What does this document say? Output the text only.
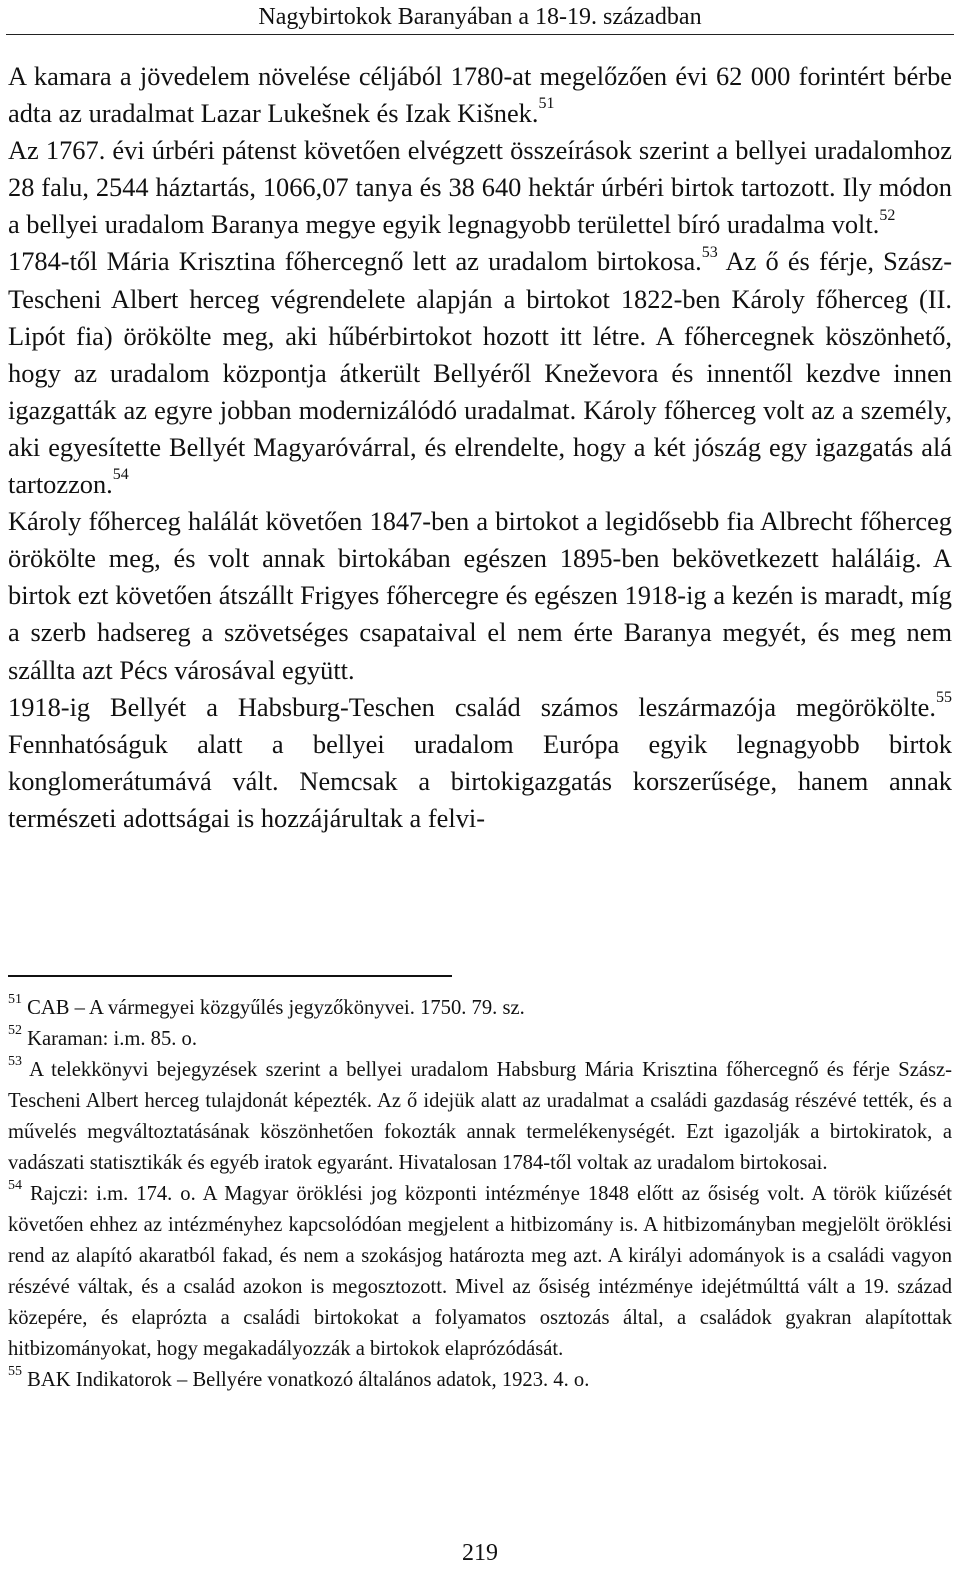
Nagybirtokok Baranyában a 18-19. században

A kamara a jövedelem növelése céljából 1780-at megelőzően évi 62 000 forintért bérbe adta az uradalmat Lazar Lukešnek és Izak Kišnek.$^{51}$

Az 1767. évi úrbéri pátenst követően elvégzett összeírások szerint a bellyei uradalomhoz 28 falu, 2544 háztartás, 1066,07 tanya és 38 640 hektár úrbéri birtok tartozott. Ily módon a bellyei uradalom Baranya megye egyik legnagyobb területtel bíró uradalma volt.$^{52}$

1784-től Mária Krisztina főhercegnő lett az uradalom birtokosa.$^{53}$ Az ő és férje, Szász-Tescheni Albert herceg végrendelete alapján a birtokot 1822-ben Károly főherceg (II. Lipót fia) örökölte meg, aki hűbérbirtokot hozott itt létre. A főhercegnek köszönhető, hogy az uradalom központja átkerült Bellyéről Kneževora és innentől kezdve innen igazgatták az egyre jobban modernizálódó uradalmat. Károly főherceg volt az a személy, aki egyesítette Bellyét Magyaróvárral, és elrendelte, hogy a két jószág egy igazgatás alá tartozzon.$^{54}$

Károly főherceg halálát követően 1847-ben a birtokot a legidősebb fia Albrecht főherceg örökölte meg, és volt annak birtokában egészen 1895-ben bekövetkezett haláláig. A birtok ezt követően átszállt Frigyes főhercegre és egészen 1918-ig a kezén is maradt, míg a szerb hadsereg a szövetséges csapataival el nem érte Baranya megyét, és meg nem szállta azt Pécs városával együtt.

1918-ig Bellyét a Habsburg-Teschen család számos leszármazója megörökölte.$^{55}$ Fennhatóságuk alatt a bellyei uradalom Európa egyik legnagyobb birtok konglomerátumává vált. Nemcsak a birtokigazgatás korszerűsége, hanem annak természeti adottságai is hozzájárultak a felvi-

$^{51}$ CAB – A vármegyei közgyűlés jegyzőkönyvei. 1750. 79. sz.

$^{52}$ Karaman: i.m. 85. o.

$^{53}$ A telekkönyvi bejegyzések szerint a bellyei uradalom Habsburg Mária Krisztina főhercegnő és férje Szász-Tescheni Albert herceg tulajdonát képezték. Az ő idejük alatt az uradalmat a családi gazdaság részévé tették, és a művelés megváltoztatásának köszönhetően fokozták annak termelékenységét. Ezt igazolják a birtokiratok, a vadászati statisztikák és egyéb iratok egyaránt. Hivatalosan 1784-től voltak az uradalom birtokosai.

$^{54}$ Rajczi: i.m. 174. o. A Magyar öröklési jog központi intézménye 1848 előtt az ősiség volt. A török kiűzését követően ehhez az intézményhez kapcsolódóan megjelent a hitbizomány is. A hitbizományban megjelölt öröklési rend az alapító akaratból fakad, és nem a szokásjog határozta meg azt. A királyi adományok is a családi vagyon részévé váltak, és a család azokon is megosztozott. Mivel az ősiség intézménye idejétmúlttá vált a 19. század közepére, és elaprózta a családi birtokokat a folyamatos osztozás által, a családok gyakran alapítottak hitbizományokat, hogy megakadályozzák a birtokok elaprózódását.

$^{55}$ BAK Indikatorok – Bellyére vonatkozó általános adatok, 1923. 4. o.

219
